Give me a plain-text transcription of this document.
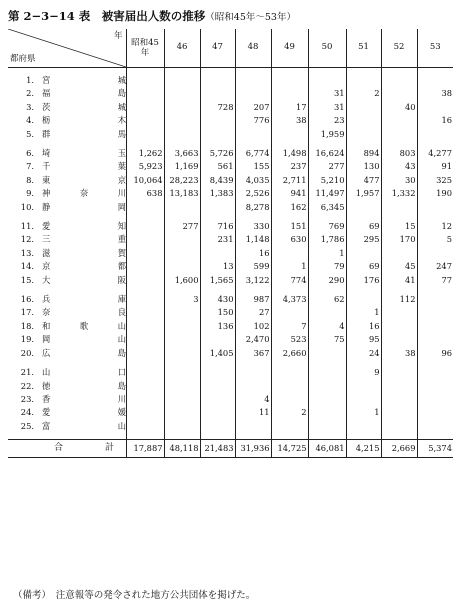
第 2−3−14 表　被害届出人数の推移（昭和45年〜53年）
年
都府県	昭和45年	46	47	48	49	50	51	52	53

1. 宮 城									

2. 福 島						31	2		38

3. 茨 城			728	207	17	31		40	

4. 栃 木				776	38	23			16

5. 群 馬						1,959			

6. 埼 玉	1,262	3,663	5,726	6,774	1,498	16,624	894	803	4,277

7. 千 葉	5,923	1,169	561	155	237	277	130	43	91

8. 東 京	10,064	28,223	8,439	4,035	2,711	5,210	477	30	325

9. 神 奈 川	638	13,183	1,383	2,526	941	11,497	1,957	1,332	190

10. 静 岡				8,278	162	6,345			

11. 愛 知		277	716	330	151	769	69	15	12

12. 三 重			231	1,148	630	1,786	295	170	5

13. 滋 賀				16		1			

14. 京 都			13	599	1	79	69	45	247

15. 大 阪		1,600	1,565	3,122	774	290	176	41	77

16. 兵 庫		3	430	987	4,373	62		112	

17. 奈 良			150	27			1		

18. 和 歌 山			136	102	7	4	16		

19. 岡 山				2,470	523	75	95		

20. 広 島			1,405	367	2,660		24	38	96

21. 山 口							9		

22. 徳 島									

23. 香 川				4					

24. 愛 媛				11	2		1		

25. 富 山									

合 計	17,887	48,118	21,483	31,936	14,725	46,081	4,215	2,669	5,374
（備考）　注意報等の発令された地方公共団体を掲げた。
